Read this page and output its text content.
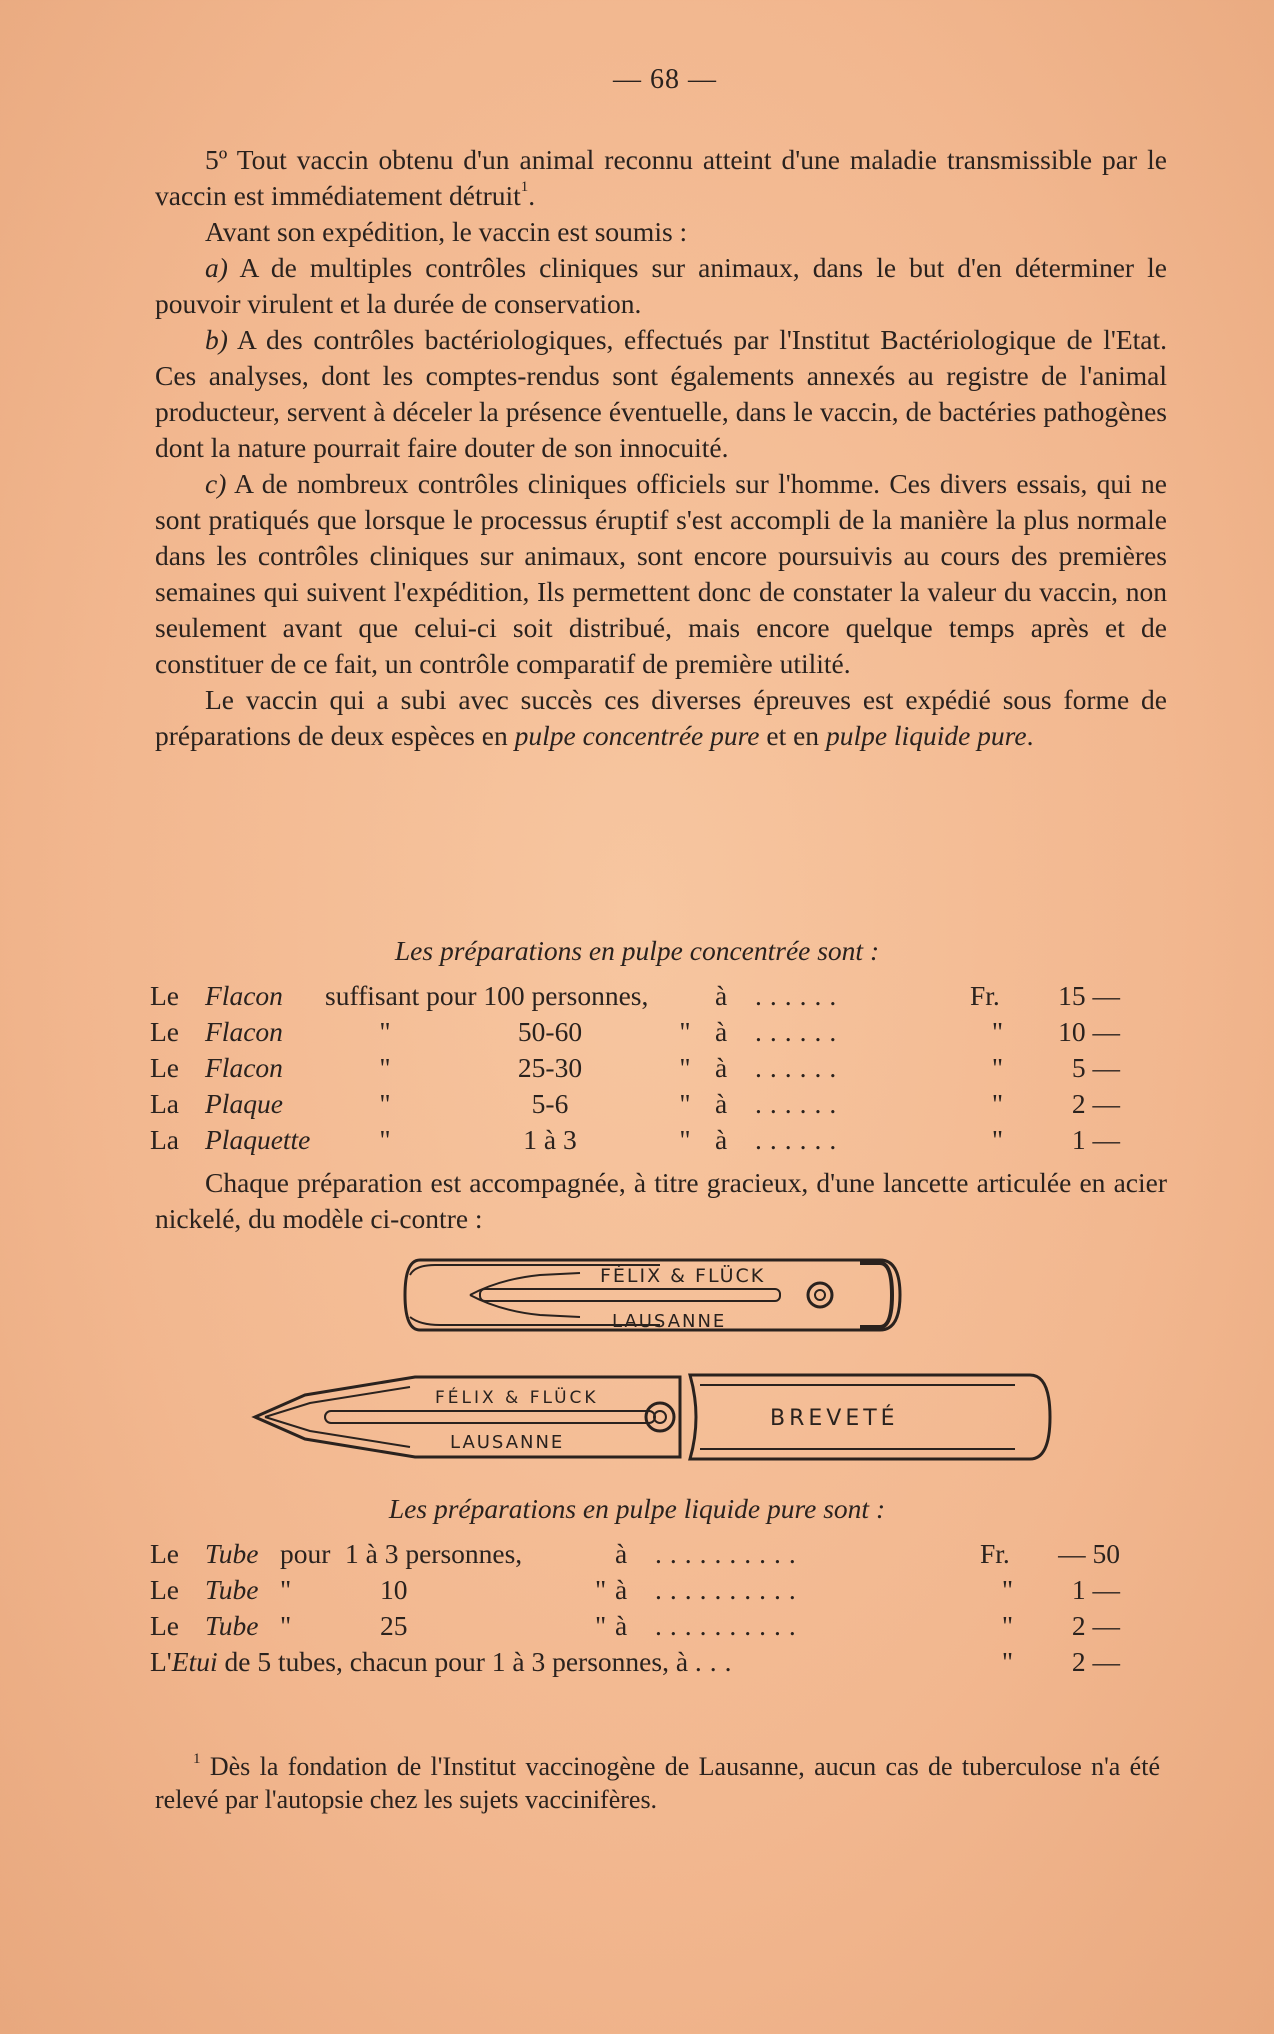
— 68 —

5º Tout vaccin obtenu d'un animal reconnu atteint d'une maladie transmissible par le vaccin est immédiatement détruit$^1$.

Avant son expédition, le vaccin est soumis :

a) A de multiples contrôles cliniques sur animaux, dans le but d'en déterminer le pouvoir virulent et la durée de conservation.

b) A des contrôles bactériologiques, effectués par l'Institut Bactériologique de l'Etat. Ces analyses, dont les comptes-rendus sont égalements annexés au registre de l'animal producteur, servent à déceler la présence éventuelle, dans le vaccin, de bactéries pathogènes dont la nature pourrait faire douter de son innocuité.

c) A de nombreux contrôles cliniques officiels sur l'homme. Ces divers essais, qui ne sont pratiqués que lorsque le processus éruptif s'est accompli de la manière la plus normale dans les contrôles cliniques sur animaux, sont encore poursuivis au cours des premières semaines qui suivent l'expédition, Ils permettent donc de constater la valeur du vaccin, non seulement avant que celui-ci soit distribué, mais encore quelque temps après et de constituer de ce fait, un contrôle comparatif de première utilité.

Le vaccin qui a subi avec succès ces diverses épreuves est expédié sous forme de préparations de deux espèces en pulpe concentrée pure et en pulpe liquide pure.

Les préparations en pulpe concentrée sont :
Le	Flacon	suffisant pour 100 personnes,			à	......	Fr.	15 —
Le	Flacon	"	50-60	"	à	......	"	10 —
Le	Flacon	"	25-30	"	à	......	"	5 —
La	Plaque	"	5-6	"	à	......	"	2 —
La	Plaquette	"	1 à 3	"	à	......	"	1 —

Chaque préparation est accompagnée, à titre gracieux, d'une lancette articulée en acier nickelé, du modèle ci-contre :

FÉLIX & FLÜCK
LAUSANNE
FÉLIX & FLÜCK
LAUSANNE
BREVETÉ
Les préparations en pulpe liquide pure sont :
Le	Tube	pour	1 à 3 personnes,		à	..........	Fr.	— 50
Le	Tube	"	10	"	à	..........	"	1 —
Le	Tube	"	25	"	à	..........	"	2 —
L'Etui de 5 tubes, chacun pour 1 à 3 personnes, à ...							"	2 —

$^1$ Dès la fondation de l'Institut vaccinogène de Lausanne, aucun cas de tuberculose n'a été relevé par l'autopsie chez les sujets vaccinifères.
